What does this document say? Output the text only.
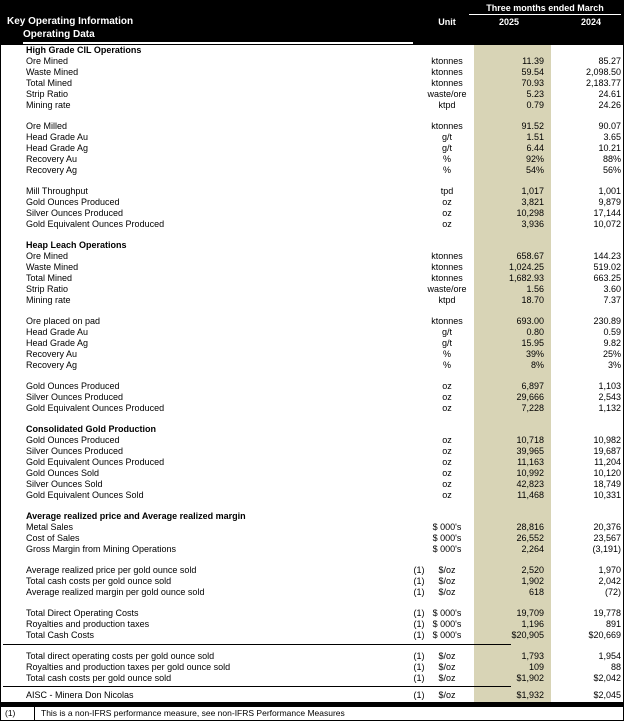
Three months ended March
Key Operating Information	Unit	2025	2024
Operating Data
High Grade CIL Operations
Ore Mined	ktonnes	11.39	85.27
Waste Mined	ktonnes	59.54	2,098.50
Total Mined	ktonnes	70.93	2,183.77
Strip Ratio	waste/ore	5.23	24.61
Mining rate	ktpd	0.79	24.26
Ore Milled	ktonnes	91.52	90.07
Head Grade Au	g/t	1.51	3.65
Head Grade Ag	g/t	6.44	10.21
Recovery Au	%	92%	88%
Recovery Ag	%	54%	56%
Mill Throughput	tpd	1,017	1,001
Gold Ounces Produced	oz	3,821	9,879
Silver Ounces Produced	oz	10,298	17,144
Gold Equivalent Ounces Produced	oz	3,936	10,072
Heap Leach Operations
Ore Mined	ktonnes	658.67	144.23
Waste Mined	ktonnes	1,024.25	519.02
Total Mined	ktonnes	1,682.93	663.25
Strip Ratio	waste/ore	1.56	3.60
Mining rate	ktpd	18.70	7.37
Ore placed on pad	ktonnes	693.00	230.89
Head Grade Au	g/t	0.80	0.59
Head Grade Ag	g/t	15.95	9.82
Recovery Au	%	39%	25%
Recovery Ag	%	8%	3%
Gold Ounces Produced	oz	6,897	1,103
Silver Ounces Produced	oz	29,666	2,543
Gold Equivalent Ounces Produced	oz	7,228	1,132
Consolidated Gold Production
Gold Ounces Produced	oz	10,718	10,982
Silver Ounces Produced	oz	39,965	19,687
Gold Equivalent Ounces Produced	oz	11,163	11,204
Gold Ounces Sold	oz	10,992	10,120
Silver Ounces Sold	oz	42,823	18,749
Gold Equivalent Ounces Sold	oz	11,468	10,331
Average realized price and Average realized margin
Metal Sales	$ 000's	28,816	20,376
Cost of Sales	$ 000's	26,552	23,567
Gross Margin from Mining Operations	$ 000's	2,264	(3,191)
Average realized price per gold ounce sold	(1)	$/oz	2,520	1,970
Total cash costs per gold ounce sold	(1)	$/oz	1,902	2,042
Average realized margin per gold ounce sold	(1)	$/oz	618	(72)
Total Direct Operating Costs	(1) $ 000's	19,709	19,778
Royalties and production taxes	(1) $ 000's	1,196	891
Total Cash Costs	(1) $ 000's	$20,905	$20,669
Total direct operating costs per gold ounce sold	(1)	$/oz	1,793	1,954
Royalties and production taxes per gold ounce sold	(1)	$/oz	109	88
Total cash costs per gold ounce sold	(1)	$/oz	$1,902	$2,042
AISC - Minera Don Nicolas	(1)	$/oz	$1,932	$2,045
(1)	This is a non-IFRS performance measure, see non-IFRS Performance Measures
